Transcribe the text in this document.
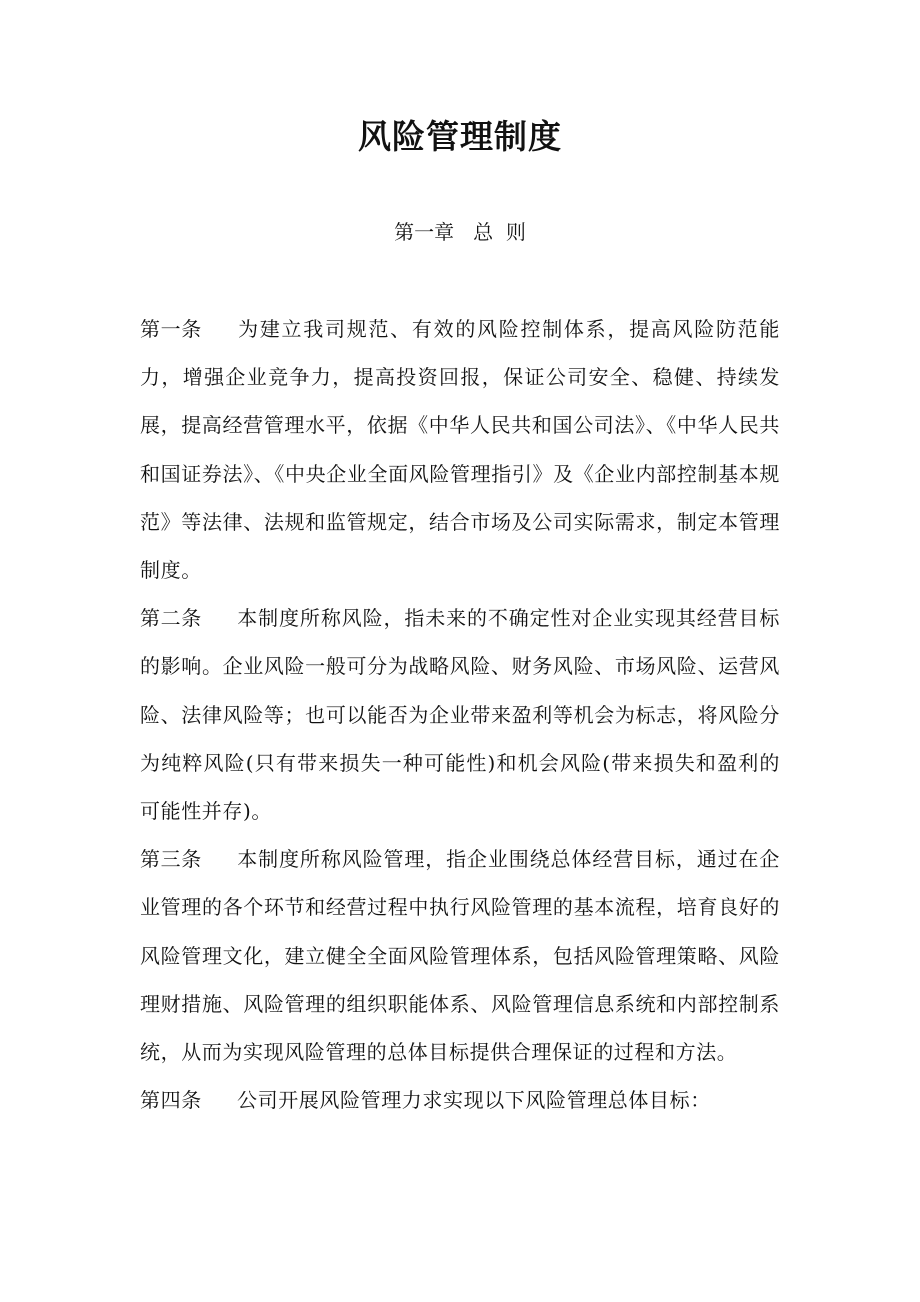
风险管理制度
第一章   总  则

第一条 为建立我司规范、有效的风险控制体系，提高风险防范能力，增强企业竞争力，提高投资回报，保证公司安全、稳健、持续发展，提高经营管理水平，依据《中华人民共和国公司法》、《中华人民共和国证券法》、《中央企业全面风险管理指引》及《企业内部控制基本规范》等法律、法规和监管规定，结合市场及公司实际需求，制定本管理制度。

第二条 本制度所称风险，指未来的不确定性对企业实现其经营目标的影响。企业风险一般可分为战略风险、财务风险、市场风险、运营风险、法律风险等；也可以能否为企业带来盈利等机会为标志，将风险分为纯粹风险(只有带来损失一种可能性)和机会风险(带来损失和盈利的可能性并存)。

第三条 本制度所称风险管理，指企业围绕总体经营目标，通过在企业管理的各个环节和经营过程中执行风险管理的基本流程，培育良好的风险管理文化，建立健全全面风险管理体系，包括风险管理策略、风险理财措施、风险管理的组织职能体系、风险管理信息系统和内部控制系统，从而为实现风险管理的总体目标提供合理保证的过程和方法。

第四条 公司开展风险管理力求实现以下风险管理总体目标：
